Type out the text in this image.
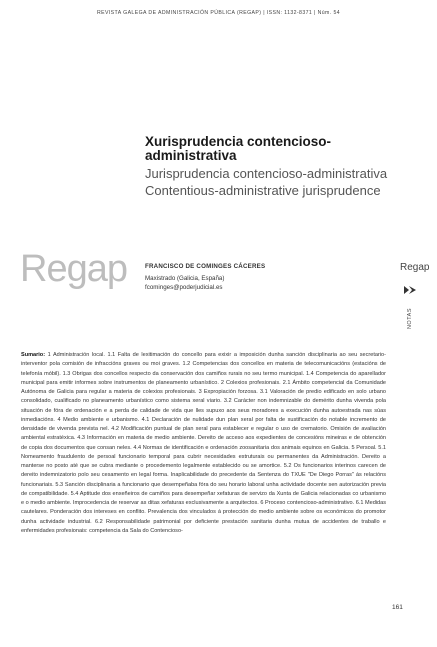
REVISTA GALEGA DE ADMINISTRACIÓN PÚBLICA (REGAP) | ISSN: 1132-8371 | Núm. 54
Xurisprudencia contencioso-administrativa
Jurisprudencia contencioso-administrativa
Contentious-administrative jurisprudence
Regap	FRANCISCO DE COMINGES CÁCERES
Maxistrado (Galicia, España)
fcominges@poderjudicial.es
Regap
NOTAS
Sumario: 1 Administración local. 1.1 Falta de lexitimación do concello para exixir a imposición dunha sanción disciplinaria ao seu secretario-interventor pola comisión de infraccións graves ou moi graves. 1.2 Competencias dos concellos en materia de telecomunicacións (estacións de telefonía móbil). 1.3 Obrigas dos concellos respecto da conservación dos camiños rurais no seu termo municipal. 1.4 Competencia do aparellador municipal para emitir informes sobre instrumentos de planeamento urbanístico. 2 Colexios profesionais. 2.1 Ámbito competencial da Comunidade Autónoma de Galicia para regular a materia de colexios profesionais. 3 Expropiación forzosa. 3.1 Valoración de predio edificado en solo urbano consolidado, cualificado no planeamento urbanístico como sistema xeral viario. 3.2 Carácter non indemnizable do demérito dunha vivenda pola situación de fóra de ordenación e a perda de calidade de vida que lles supuxo aos seus moradores a execución dunha autoestrada nas súas inmediacións. 4 Medio ambiente e urbanismo. 4.1 Declaración de nulidade dun plan xeral por falta de xustificación do notable incremento de densidade de vivenda prevista nel. 4.2 Modificación puntual de plan xeral para establecer e regular o uso de crematorio. Omisión de avaliación ambiental estratéxica. 4.3 Información en materia de medio ambiente. Dereito de acceso aos expedientes de concesións mineiras e de obtención de copia dos documentos que consan neles. 4.4 Normas de identificación e ordenación zoosanitaria dos animais equinos en Galicia. 5 Persoal. 5.1 Nomeamento fraudulento de persoal funcionario temporal para cubrir necesidades estruturais ou permanentes da Administración. Dereito a manterse no posto até que se cubra mediante o procedemento legalmente establecido ou se amortice. 5.2 Os funcionarios interinos carecen de dereito indemnizatorio polo seu cesamento en legal forma. Inaplicabilidade do precedente da Sentenza do TXUE "De Diego Porras" ás relacións funcionariais. 5.3 Sanción disciplinaria a funcionario que desempeñaba fóra do seu horario laboral unha actividade docente sen autorización previa de compatibilidade. 5.4 Aptitude dos enxeñeiros de camiños para desempeñar xefaturas de servizo da Xunta de Galicia relacionadas co urbanismo e o medio ambiente. Improcedencia de reservar as ditas xefaturas exclusivamente a arquitectos. 6 Proceso contencioso-administrativo. 6.1 Medidas cautelares. Ponderación dos intereses en conflito. Prevalencia dos vinculados á protección do medio ambiente sobre os económicos do promotor dunha actividade industrial. 6.2 Responsabilidade patrimonial por deficiente prestación sanitaria dunha mutua de accidentes de traballo e enfermidades profesionais: competencia da Sala do Contencioso-
161
